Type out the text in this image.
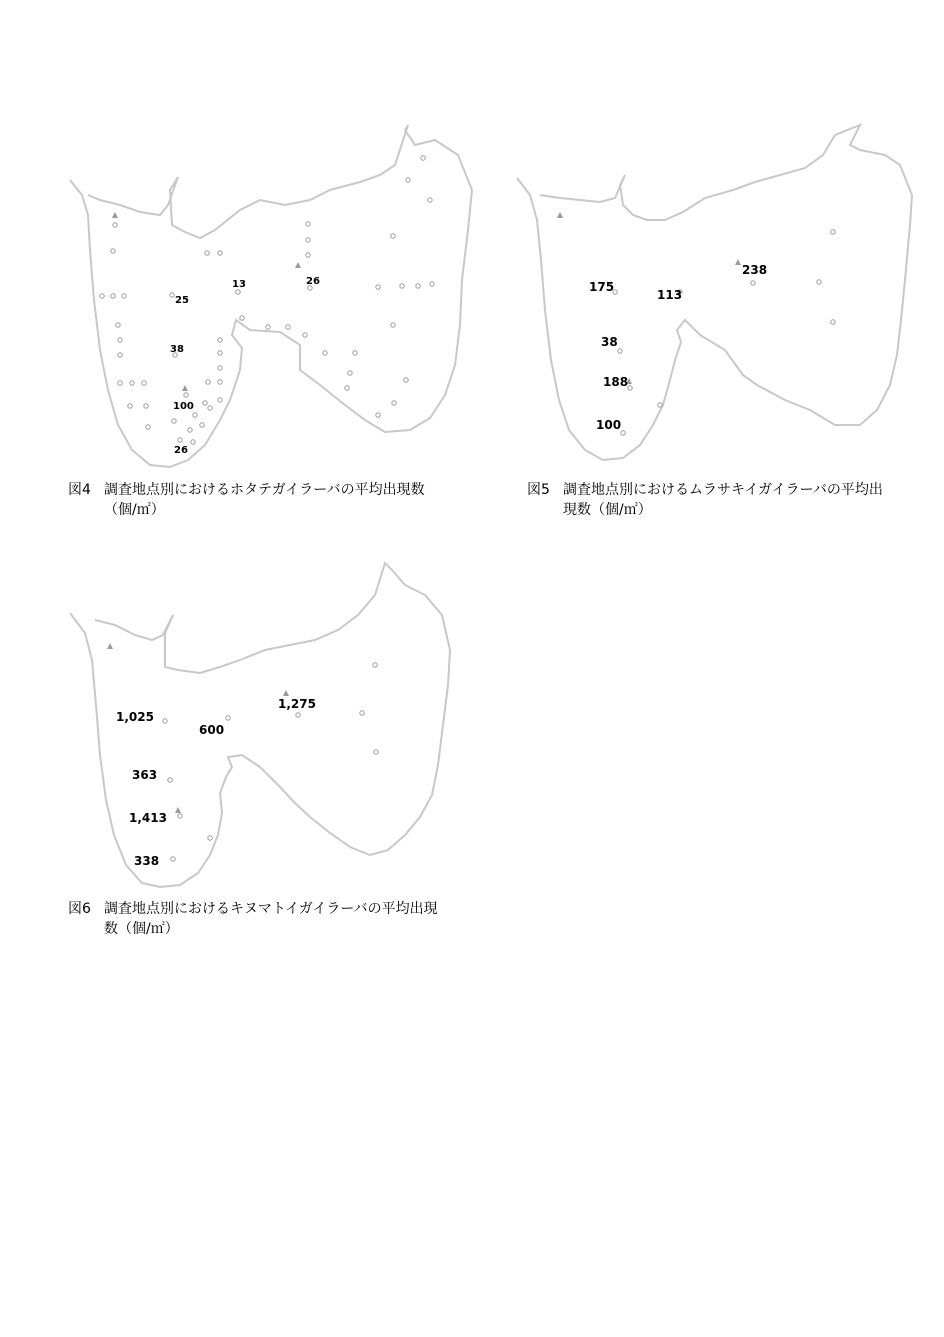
25
13	26
38
100
26
図4 調査地点別におけるホタテガイラーバの平均出現数
（個/㎡）
175
113
238
38
188
100
図5 調査地点別におけるムラサキイガイラーバの平均出
現数（個/㎡）
1,025
600
1,275
363
1,413
338
図6 調査地点別におけるキヌマトイガイラーバの平均出現
数（個/㎡）
